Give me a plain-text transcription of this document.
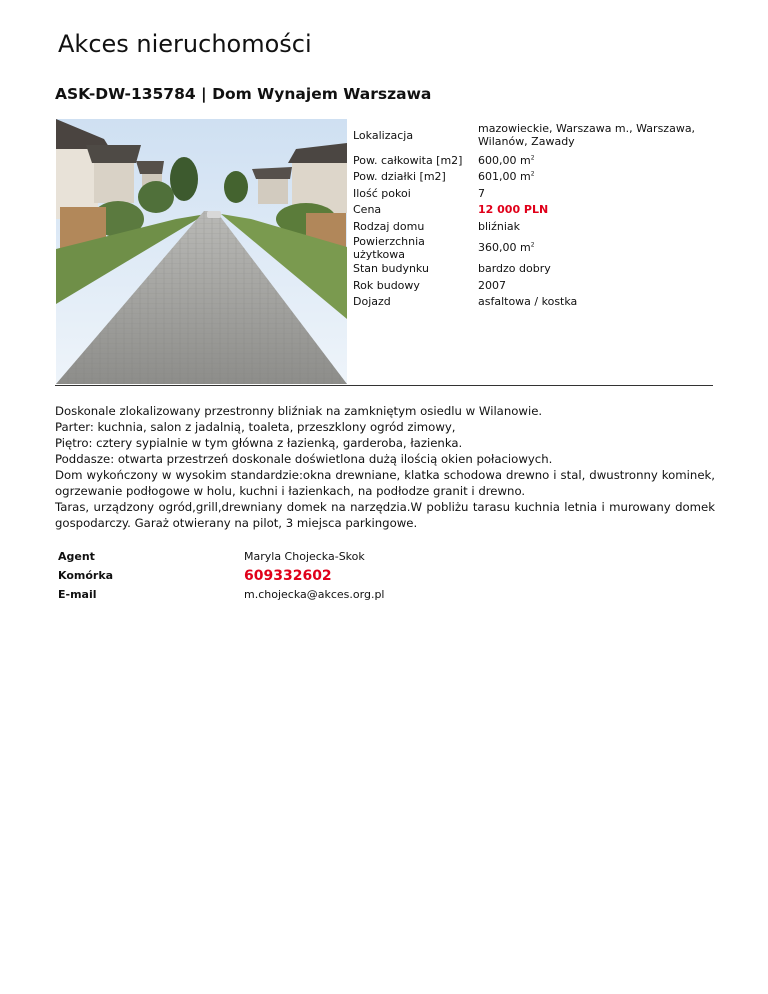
Akces nieruchomości
ASK-DW-135784 | Dom Wynajem Warszawa
Lokalizacja	mazowieckie, Warszawa m., Warszawa, Wilanów, Zawady
Pow. całkowita [m2]	600,00 $m^2$
Pow. działki [m2]	601,00 $m^2$
Ilość pokoi	7
Cena	12 000 PLN
Rodzaj domu	bliźniak
Powierzchnia użytkowa	360,00 $m^2$
Stan budynku	bardzo dobry
Rok budowy	2007
Dojazd	asfaltowa / kostka
Doskonale zlokalizowany przestronny bliźniak na zamkniętym osiedlu w Wilanowie.
Parter: kuchnia, salon z jadalnią, toaleta, przeszklony ogród zimowy,
Piętro: cztery sypialnie w tym główna z łazienką, garderoba, łazienka.
Poddasze: otwarta przestrzeń doskonale doświetlona dużą ilością okien połaciowych.
Dom wykończony w wysokim standardzie:okna drewniane, klatka schodowa drewno i stal, dwustronny kominek, ogrzewanie podłogowe w holu, kuchni i łazienkach, na podłodze granit i drewno.
Taras, urządzony ogród,grill,drewniany domek na narzędzia.W pobliżu tarasu kuchnia letnia i murowany domek gospodarczy. Garaż otwierany na pilot, 3 miejsca parkingowe.
Agent	Maryla Chojecka-Skok
Komórka	609332602
E-mail	m.chojecka@akces.org.pl
